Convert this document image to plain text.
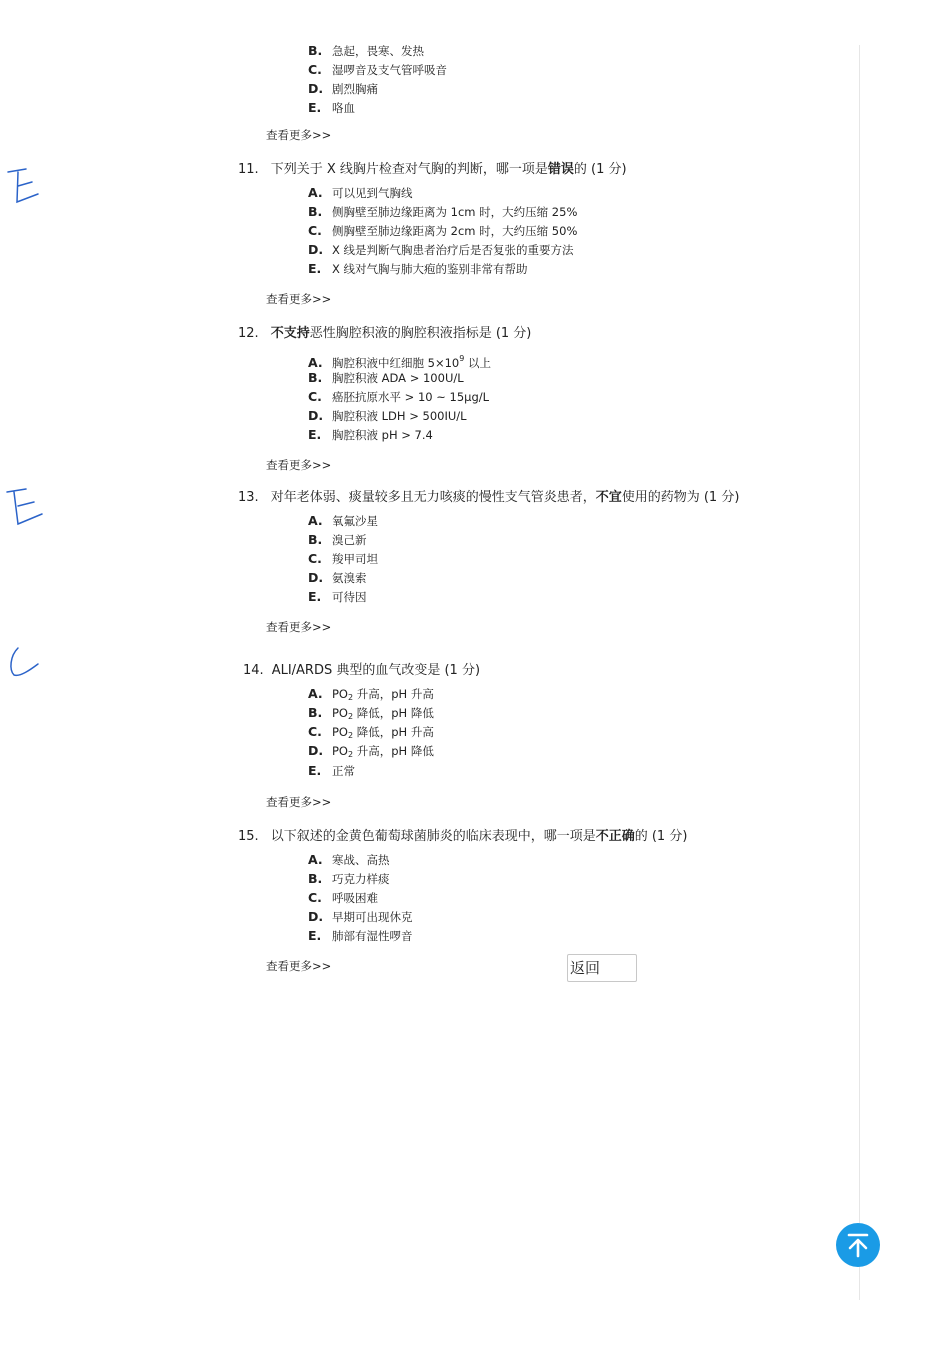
B. 急起，畏寒、发热
C. 湿啰音及支气管呼吸音
D. 剧烈胸痛
E. 咯血
查看更多>>
11. 下列关于 X 线胸片检查对气胸的判断，哪一项是错误的 (1 分)
A. 可以见到气胸线
B. 侧胸壁至肺边缘距离为 1cm 时，大约压缩 25%
C. 侧胸壁至肺边缘距离为 2cm 时，大约压缩 50%
D. X 线是判断气胸患者治疗后是否复张的重要方法
E. X 线对气胸与肺大疱的鉴别非常有帮助
查看更多>>
12. 不支持恶性胸腔积液的胸腔积液指标是 (1 分)
A. 胸腔积液中红细胞 $5\times 10^9$ 以上
B. 胸腔积液 ADA > 100U/L
C. 癌胚抗原水平 > 10 ~ 15μg/L
D. 胸腔积液 LDH > 500IU/L
E. 胸腔积液 pH > 7.4
查看更多>>
13. 对年老体弱、痰量较多且无力咳痰的慢性支气管炎患者，不宜使用的药物为 (1 分)
A. 氧氟沙星
B. 溴己新
C. 羧甲司坦
D. 氨溴索
E. 可待因
查看更多>>
14. ALI/ARDS 典型的血气改变是 (1 分)
A. $PO_2$ 升高，pH 升高
B. $PO_2$ 降低，pH 降低
C. $PO_2$ 降低，pH 升高
D. $PO_2$ 升高，pH 降低
E. 正常
查看更多>>
15. 以下叙述的金黄色葡萄球菌肺炎的临床表现中，哪一项是不正确的 (1 分)
A. 寒战、高热
B. 巧克力样痰
C. 呼吸困难
D. 早期可出现休克
E. 肺部有湿性啰音
查看更多>>	返回
